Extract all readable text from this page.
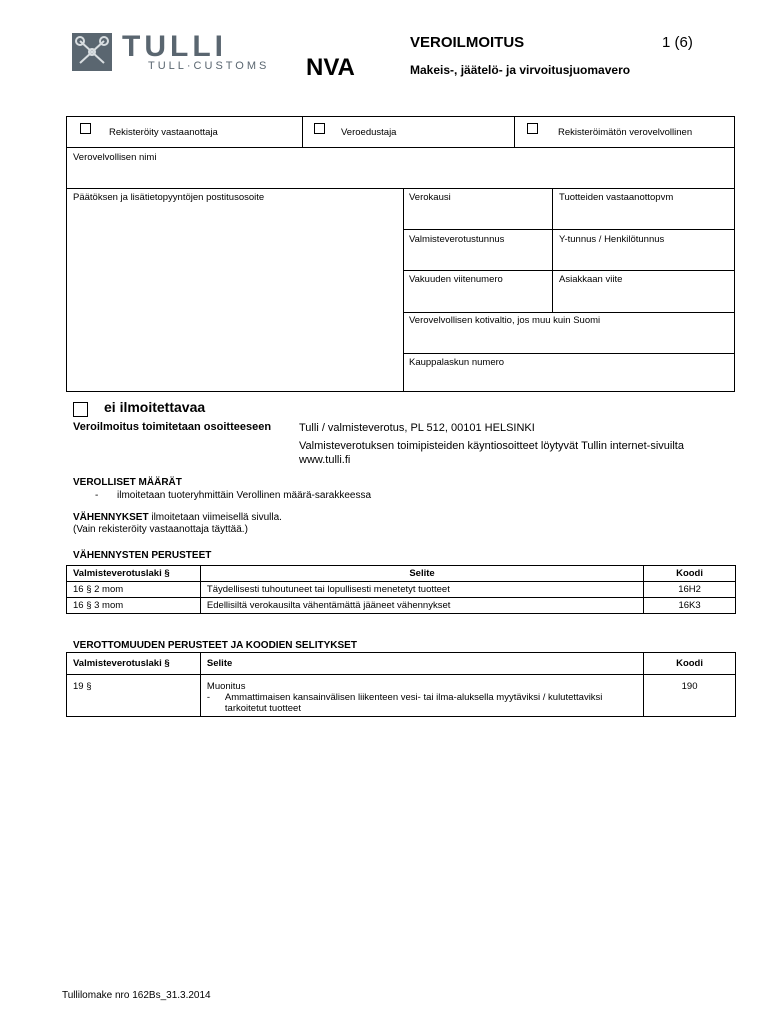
TULLI
TULL·CUSTOMS NVA
VEROILMOITUS	1 (6)
Makeis-, jäätelö- ja virvoitusjuomavero
Rekisteröity vastaanottaja	Veroedustaja	Rekisteröimätön verovelvollinen
Verovelvollisen nimi
Päätöksen ja lisätietopyyntöjen postitusosoite	Verokausi	Tuotteiden vastaanottopvm
Valmisteverotustunnus	Y-tunnus / Henkilötunnus
Vakuuden viitenumero	Asiakkaan viite
Verovelvollisen kotivaltio, jos muu kuin Suomi
Kauppalaskun numero
ei ilmoitettavaa
Veroilmoitus toimitetaan osoitteeseen	Tulli / valmisteverotus, PL 512, 00101 HELSINKI
Valmisteverotuksen toimipisteiden käyntiosoitteet löytyvät Tullin internet-sivuilta
www.tulli.fi
VEROLLISET MÄÄRÄT
- ilmoitetaan tuoteryhmittäin Verollinen määrä-sarakkeessa
VÄHENNYKSET ilmoitetaan viimeisellä sivulla.
(Vain rekisteröity vastaanottaja täyttää.)
VÄHENNYSTEN PERUSTEET
Valmisteverotuslaki §	Selite	Koodi
16 § 2 mom	Täydellisesti tuhoutuneet tai lopullisesti menetetyt tuotteet	16H2
16 § 3 mom	Edellisiltä verokausilta vähentämättä jääneet vähennykset	16K3
VEROTTOMUUDEN PERUSTEET JA KOODIEN SELITYKSET
Valmisteverotuslaki §	Selite	Koodi
19 §	Muonitus
- Ammattimaisen kansainvälisen liikenteen vesi- tai ilma-aluksella myytäviksi / kulutettaviksi
tarkoitetut tuotteet	190
Tullilomake nro 162Bs_31.3.2014
